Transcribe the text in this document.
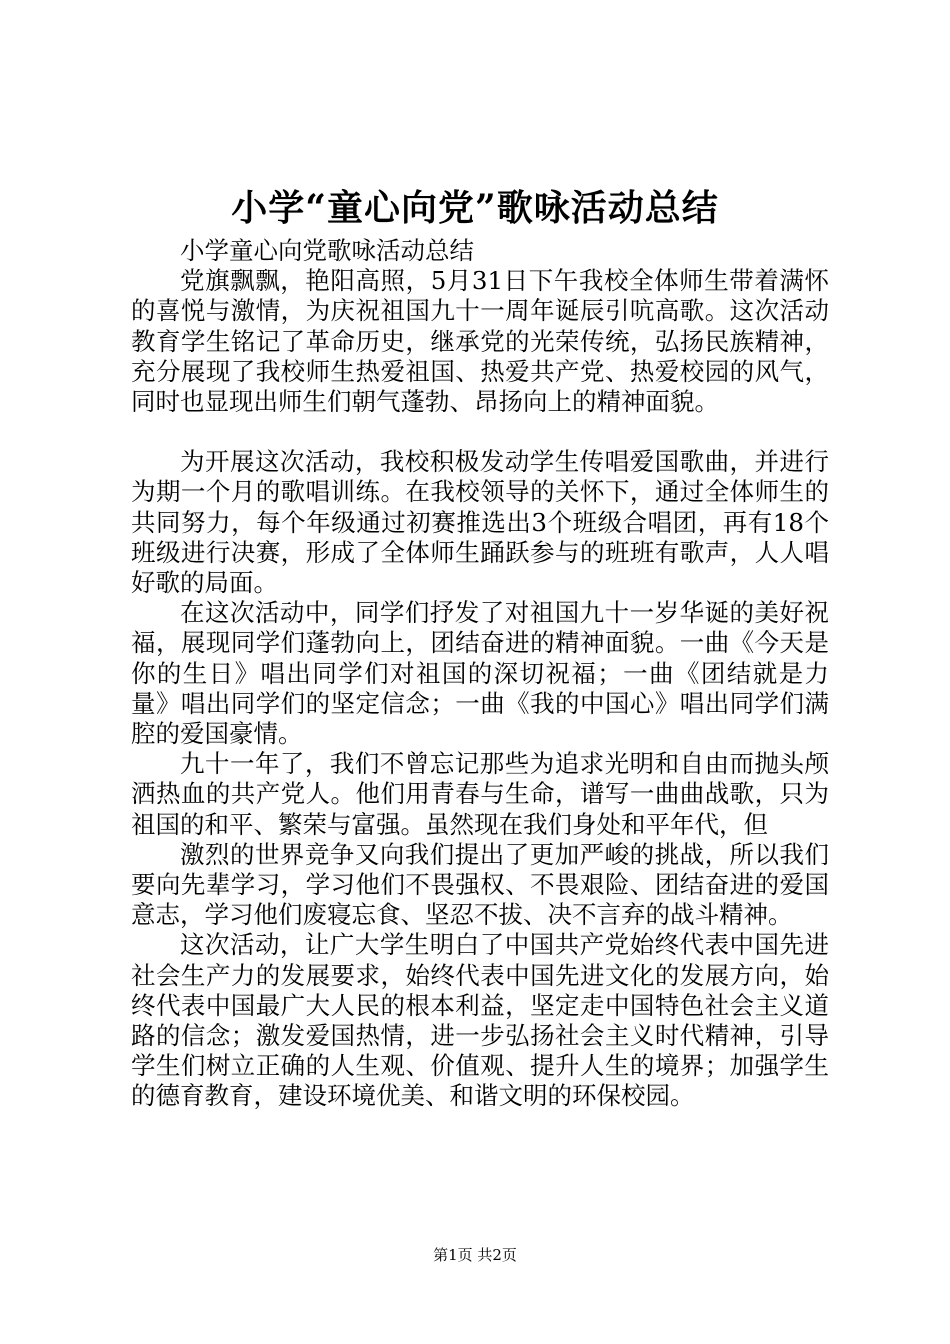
小学“童心向党”歌咏活动总结

小学童心向党歌咏活动总结

党旗飘飘，艳阳高照，5月31日下午我校全体师生带着满怀的喜悦与激情，为庆祝祖国九十一周年诞辰引吭高歌。这次活动教育学生铭记了革命历史，继承党的光荣传统，弘扬民族精神，充分展现了我校师生热爱祖国、热爱共产党、热爱校园的风气，同时也显现出师生们朝气蓬勃、昂扬向上的精神面貌。

为开展这次活动，我校积极发动学生传唱爱国歌曲，并进行为期一个月的歌唱训练。在我校领导的关怀下，通过全体师生的共同努力，每个年级通过初赛推选出3个班级合唱团，再有18个班级进行决赛，形成了全体师生踊跃参与的班班有歌声，人人唱好歌的局面。

在这次活动中，同学们抒发了对祖国九十一岁华诞的美好祝福，展现同学们蓬勃向上，团结奋进的精神面貌。一曲《今天是你的生日》唱出同学们对祖国的深切祝福；一曲《团结就是力量》唱出同学们的坚定信念；一曲《我的中国心》唱出同学们满腔的爱国豪情。

九十一年了，我们不曾忘记那些为追求光明和自由而抛头颅洒热血的共产党人。他们用青春与生命，谱写一曲曲战歌，只为祖国的和平、繁荣与富强。虽然现在我们身处和平年代，但

激烈的世界竞争又向我们提出了更加严峻的挑战，所以我们要向先辈学习，学习他们不畏强权、不畏艰险、团结奋进的爱国意志，学习他们废寝忘食、坚忍不拔、决不言弃的战斗精神。

这次活动，让广大学生明白了中国共产党始终代表中国先进社会生产力的发展要求，始终代表中国先进文化的发展方向，始终代表中国最广大人民的根本利益，坚定走中国特色社会主义道路的信念；激发爱国热情，进一步弘扬社会主义时代精神，引导学生们树立正确的人生观、价值观、提升人生的境界；加强学生的德育教育，建设环境优美、和谐文明的环保校园。

第1页 共2页
